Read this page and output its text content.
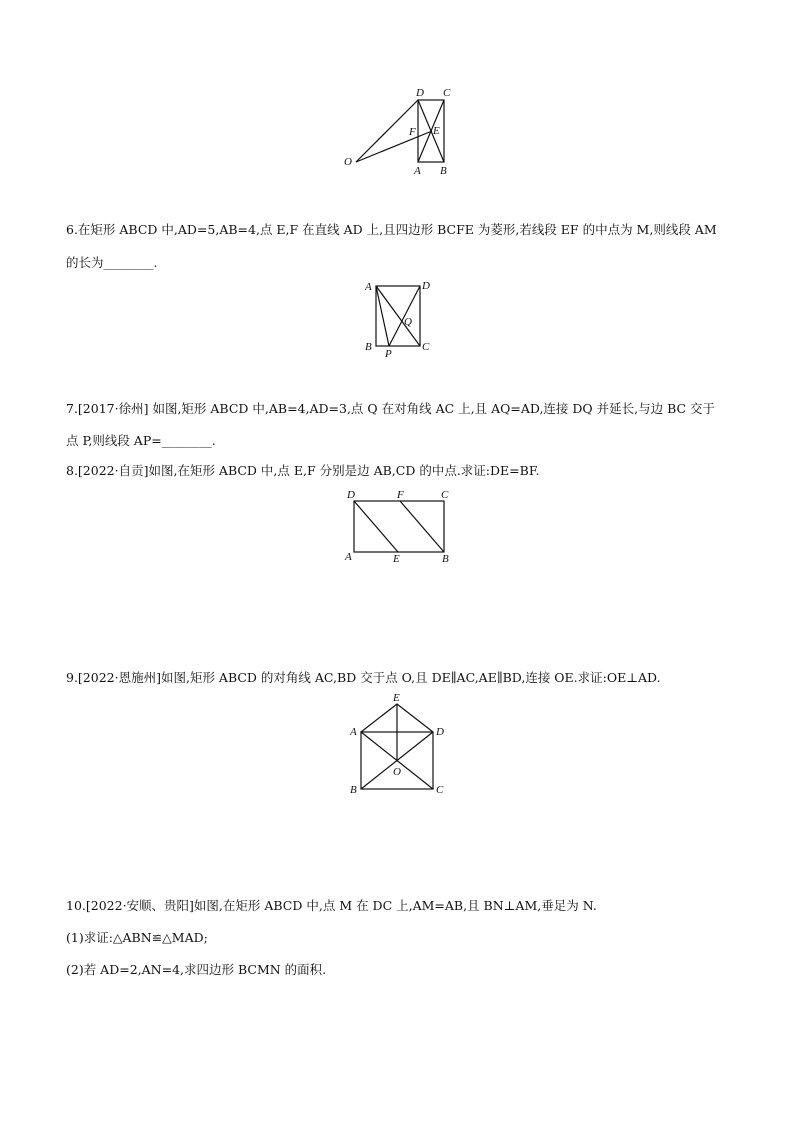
D C
F E
O
A B
6.在矩形 ABCD 中,AD=5,AB=4,点 E,F 在直线 AD 上,且四边形 BCFE 为菱形,若线段 EF 的中点为 M,则线段 AM
的长为________.
A	D
Q
B
P
C
7.[2017·徐州] 如图,矩形 ABCD 中,AB=4,AD=3,点 Q 在对角线 AC 上,且 AQ=AD,连接 DQ 并延长,与边 BC 交于
点 P,则线段 AP=________.
8.[2022·自贡]如图,在矩形 ABCD 中,点 E,F 分别是边 AB,CD 的中点.求证:DE=BF.
D	F	C
A	E	B
9.[2022·恩施州]如图,矩形 ABCD 的对角线 AC,BD 交于点 O,且 DE∥AC,AE∥BD,连接 OE.求证:OE⊥AD.
E
A	D
O
B	C
10.[2022·安顺、贵阳]如图,在矩形 ABCD 中,点 M 在 DC 上,AM=AB,且 BN⊥AM,垂足为 N.
(1)求证:△ABN≌△MAD;
(2)若 AD=2,AN=4,求四边形 BCMN 的面积.
